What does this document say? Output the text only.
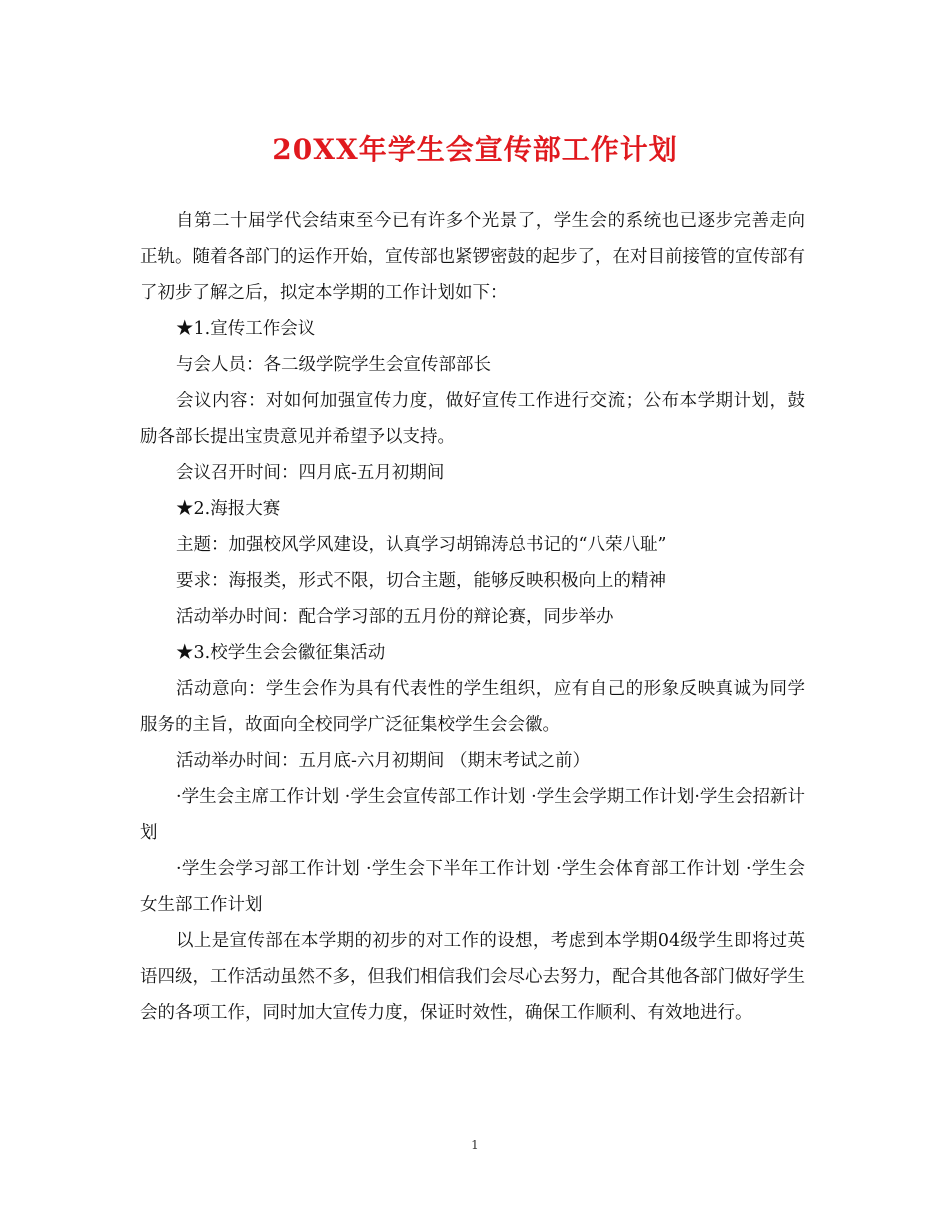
20XX年学生会宣传部工作计划

自第二十届学代会结束至今已有许多个光景了，学生会的系统也已逐步完善走向正轨。随着各部门的运作开始，宣传部也紧锣密鼓的起步了，在对目前接管的宣传部有了初步了解之后，拟定本学期的工作计划如下：

★1.宣传工作会议

与会人员：各二级学院学生会宣传部部长

会议内容：对如何加强宣传力度，做好宣传工作进行交流；公布本学期计划，鼓励各部长提出宝贵意见并希望予以支持。

会议召开时间：四月底-五月初期间

★2.海报大赛

主题：加强校风学风建设，认真学习胡锦涛总书记的“八荣八耻”

要求：海报类，形式不限，切合主题，能够反映积极向上的精神

活动举办时间：配合学习部的五月份的辩论赛，同步举办

★3.校学生会会徽征集活动

活动意向：学生会作为具有代表性的学生组织，应有自己的形象反映真诚为同学服务的主旨，故面向全校同学广泛征集校学生会会徽。

活动举办时间：五月底-六月初期间 （期末考试之前）

·学生会主席工作计划 ·学生会宣传部工作计划 ·学生会学期工作计划·学生会招新计划

·学生会学习部工作计划 ·学生会下半年工作计划 ·学生会体育部工作计划 ·学生会女生部工作计划

以上是宣传部在本学期的初步的对工作的设想，考虑到本学期04级学生即将过英语四级，工作活动虽然不多，但我们相信我们会尽心去努力，配合其他各部门做好学生会的各项工作，同时加大宣传力度，保证时效性，确保工作顺利、有效地进行。

1
